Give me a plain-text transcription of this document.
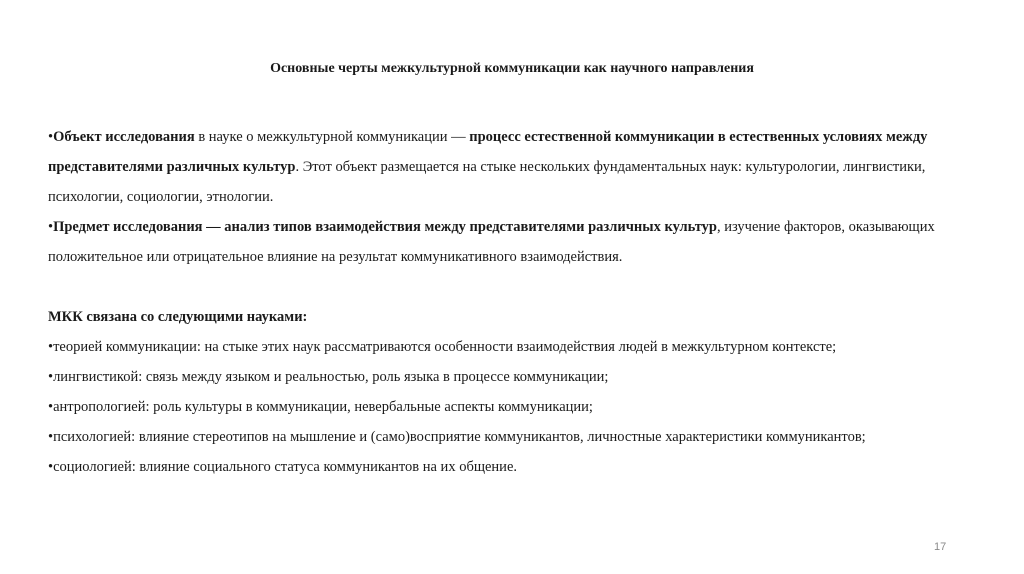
Основные черты межкультурной коммуникации как научного направления

•Объект исследования в науке о межкультурной коммуникации — процесс естественной коммуникации в естественных условиях между представителями различных культур. Этот объект размещается на стыке нескольких фундаментальных наук: культурологии, лингвистики, психологии, социологии, этнологии.

•Предмет исследования — анализ типов взаимодействия между представителями различных культур, изучение факторов, оказывающих положительное или отрицательное влияние на результат коммуникативного взаимодействия.

МКК связана со следующими науками:

•теорией коммуникации: на стыке этих наук рассматриваются особенности взаимодействия людей в межкультурном контексте;

•лингвистикой: связь между языком и реальностью, роль языка в процессе коммуникации;

•антропологией: роль культуры в коммуникации, невербальные аспекты коммуникации;

•психологией: влияние стереотипов на мышление и (само)восприятие коммуникантов, личностные характеристики коммуникантов;

•социологией: влияние социального статуса коммуникантов на их общение.

17
